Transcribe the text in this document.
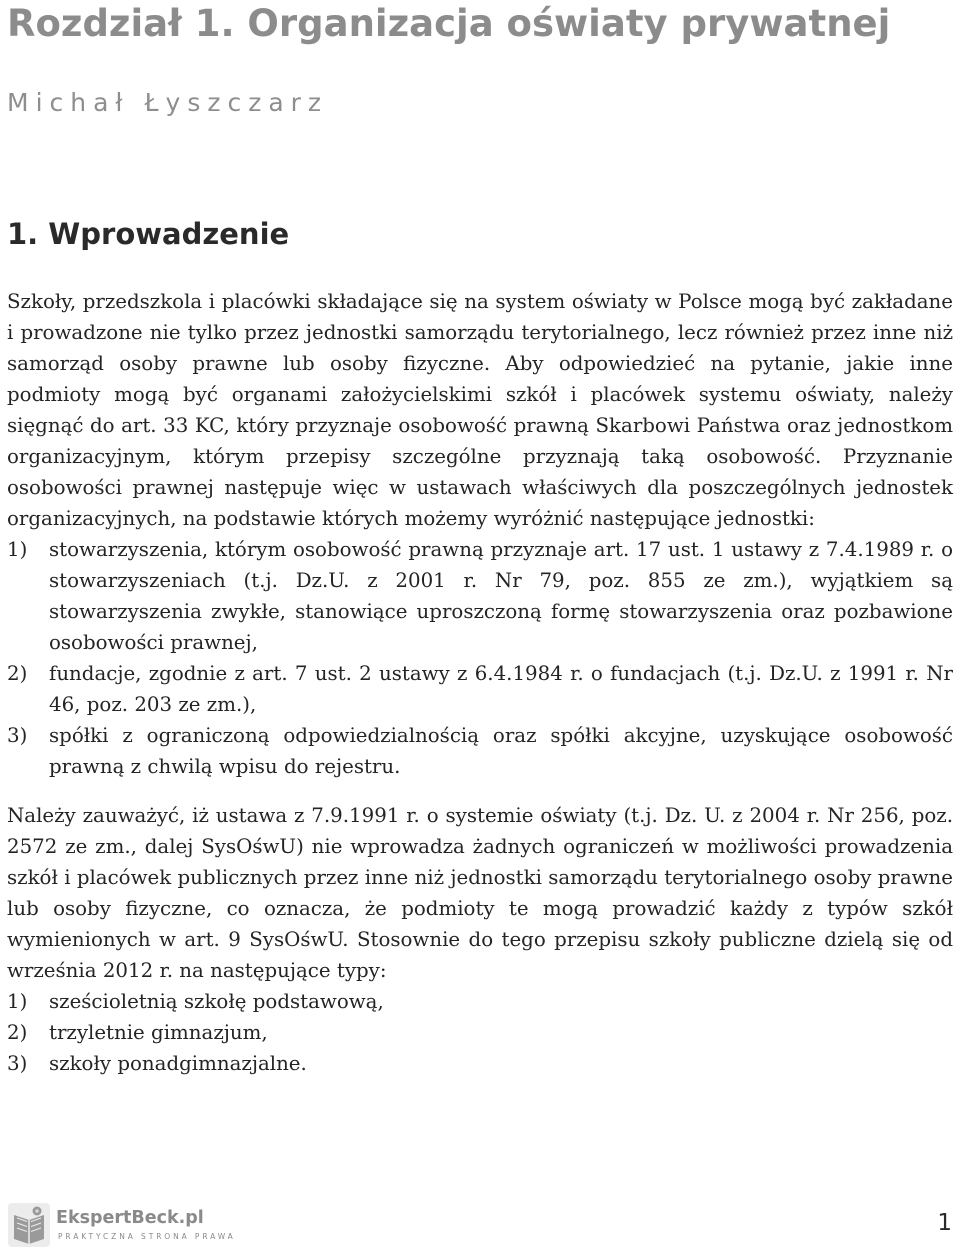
Rozdział 1. Organizacja oświaty prywatnej
Michał Łyszczarz
1. Wprowadzenie

Szkoły, przedszkola i placówki składające się na system oświaty w Polsce mogą być zakładane i prowadzone nie tylko przez jednostki samorządu terytorialnego, lecz również przez inne niż samorząd osoby prawne lub osoby fizyczne. Aby odpowiedzieć na pytanie, jakie inne podmioty mogą być organami założycielskimi szkół i placówek systemu oświaty, należy sięgnąć do art. 33 KC, który przyznaje osobowość prawną Skarbowi Państwa oraz jednostkom organizacyjnym, którym przepisy szczególne przyznają taką osobowość. Przyznanie osobowości prawnej następuje więc w ustawach właściwych dla poszczególnych jednostek organizacyjnych, na podstawie których możemy wyróżnić następujące jednostki:

1) stowarzyszenia, którym osobowość prawną przyznaje art. 17 ust. 1 ustawy z 7.4.1989 r. o stowarzyszeniach (t.j. Dz.U. z 2001 r. Nr 79, poz. 855 ze zm.), wyjątkiem są stowarzyszenia zwykłe, stanowiące uproszczoną formę stowarzyszenia oraz pozbawione osobowości prawnej,
2) fundacje, zgodnie z art. 7 ust. 2 ustawy z 6.4.1984 r. o fundacjach (t.j. Dz.U. z 1991 r. Nr 46, poz. 203 ze zm.),
3) spółki z ograniczoną odpowiedzialnością oraz spółki akcyjne, uzyskujące osobowość prawną z chwilą wpisu do rejestru.

Należy zauważyć, iż ustawa z 7.9.1991 r. o systemie oświaty (t.j. Dz. U. z 2004 r. Nr 256, poz. 2572 ze zm., dalej SysOśwU) nie wprowadza żadnych ograniczeń w możliwości prowadzenia szkół i placówek publicznych przez inne niż jednostki samorządu terytorialnego osoby prawne lub osoby fizyczne, co oznacza, że podmioty te mogą prowadzić każdy z typów szkół wymienionych w art. 9 SysOśwU. Stosownie do tego przepisu szkoły publiczne dzielą się od września 2012 r. na następujące typy:

1) sześcioletnią szkołę podstawową,
2) trzyletnie gimnazjum,
3) szkoły ponadgimnazjalne.
EkspertBeck.pl
PRAKTYCZNA STRONA PRAWA
1
